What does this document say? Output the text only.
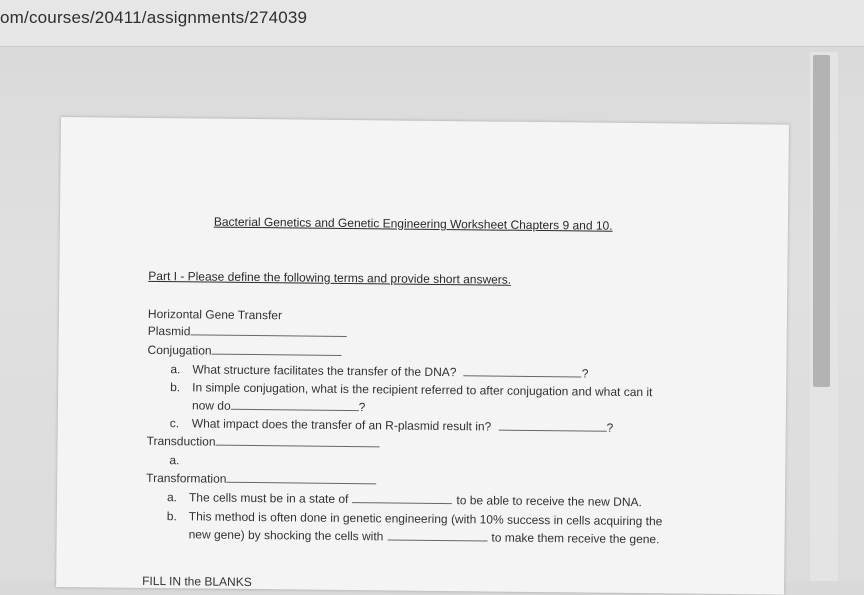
om/courses/20411/assignments/274039
Bacterial Genetics and Genetic Engineering Worksheet Chapters 9 and 10.
Part I - Please define the following terms and provide short answers.
Horizontal Gene Transfer
Plasmid
Conjugation
a. What structure facilitates the transfer of the DNA?	?
b. In simple conjugation, what is the recipient referred to after conjugation and what can it
now do	?
c. What impact does the transfer of an R-plasmid result in?	?
Transduction
a.
Transformation
a. The cells must be in a state of	to be able to receive the new DNA.
b. This method is often done in genetic engineering (with 10% success in cells acquiring the
new gene) by shocking the cells with	to make them receive the gene.
FILL IN the BLANKS
